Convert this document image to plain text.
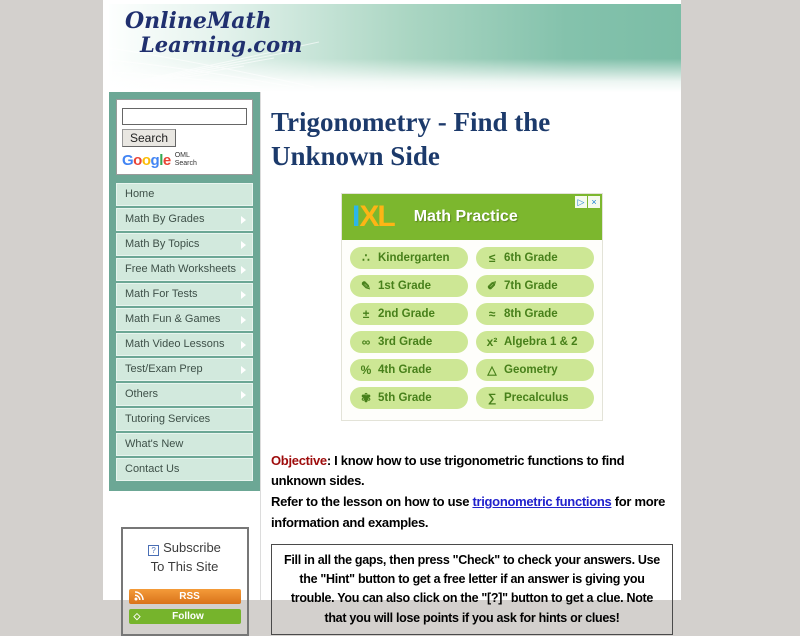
OnlineMath
Learning.com
Search
Google OML
Search
Home
Math By Grades
Math By Topics
Free Math Worksheets
Math For Tests
Math Fun & Games
Math Video Lessons
Test/Exam Prep
Others
Tutoring Services
What's New
Contact Us
? Subscribe
To This Site
RSS
◇	Follow
Trigonometry - Find the Unknown Side
I XL Math Practice
▷ ×
∴ Kindergarten	≤ 6th Grade
✎ 1st Grade	✐ 7th Grade
± 2nd Grade	≈ 8th Grade
∞ 3rd Grade	x² Algebra 1 & 2
% 4th Grade	△ Geometry
✾ 5th Grade	∑ Precalculus
Objective: I know how to use trigonometric functions to find unknown sides.
Refer to the lesson on how to use trigonometric functions for more information and examples.
Fill in all the gaps, then press "Check" to check your answers. Use the "Hint" button to get a free letter if an answer is giving you trouble. You can also click on the "[?]" button to get a clue. Note that you will lose points if you ask for hints or clues!
